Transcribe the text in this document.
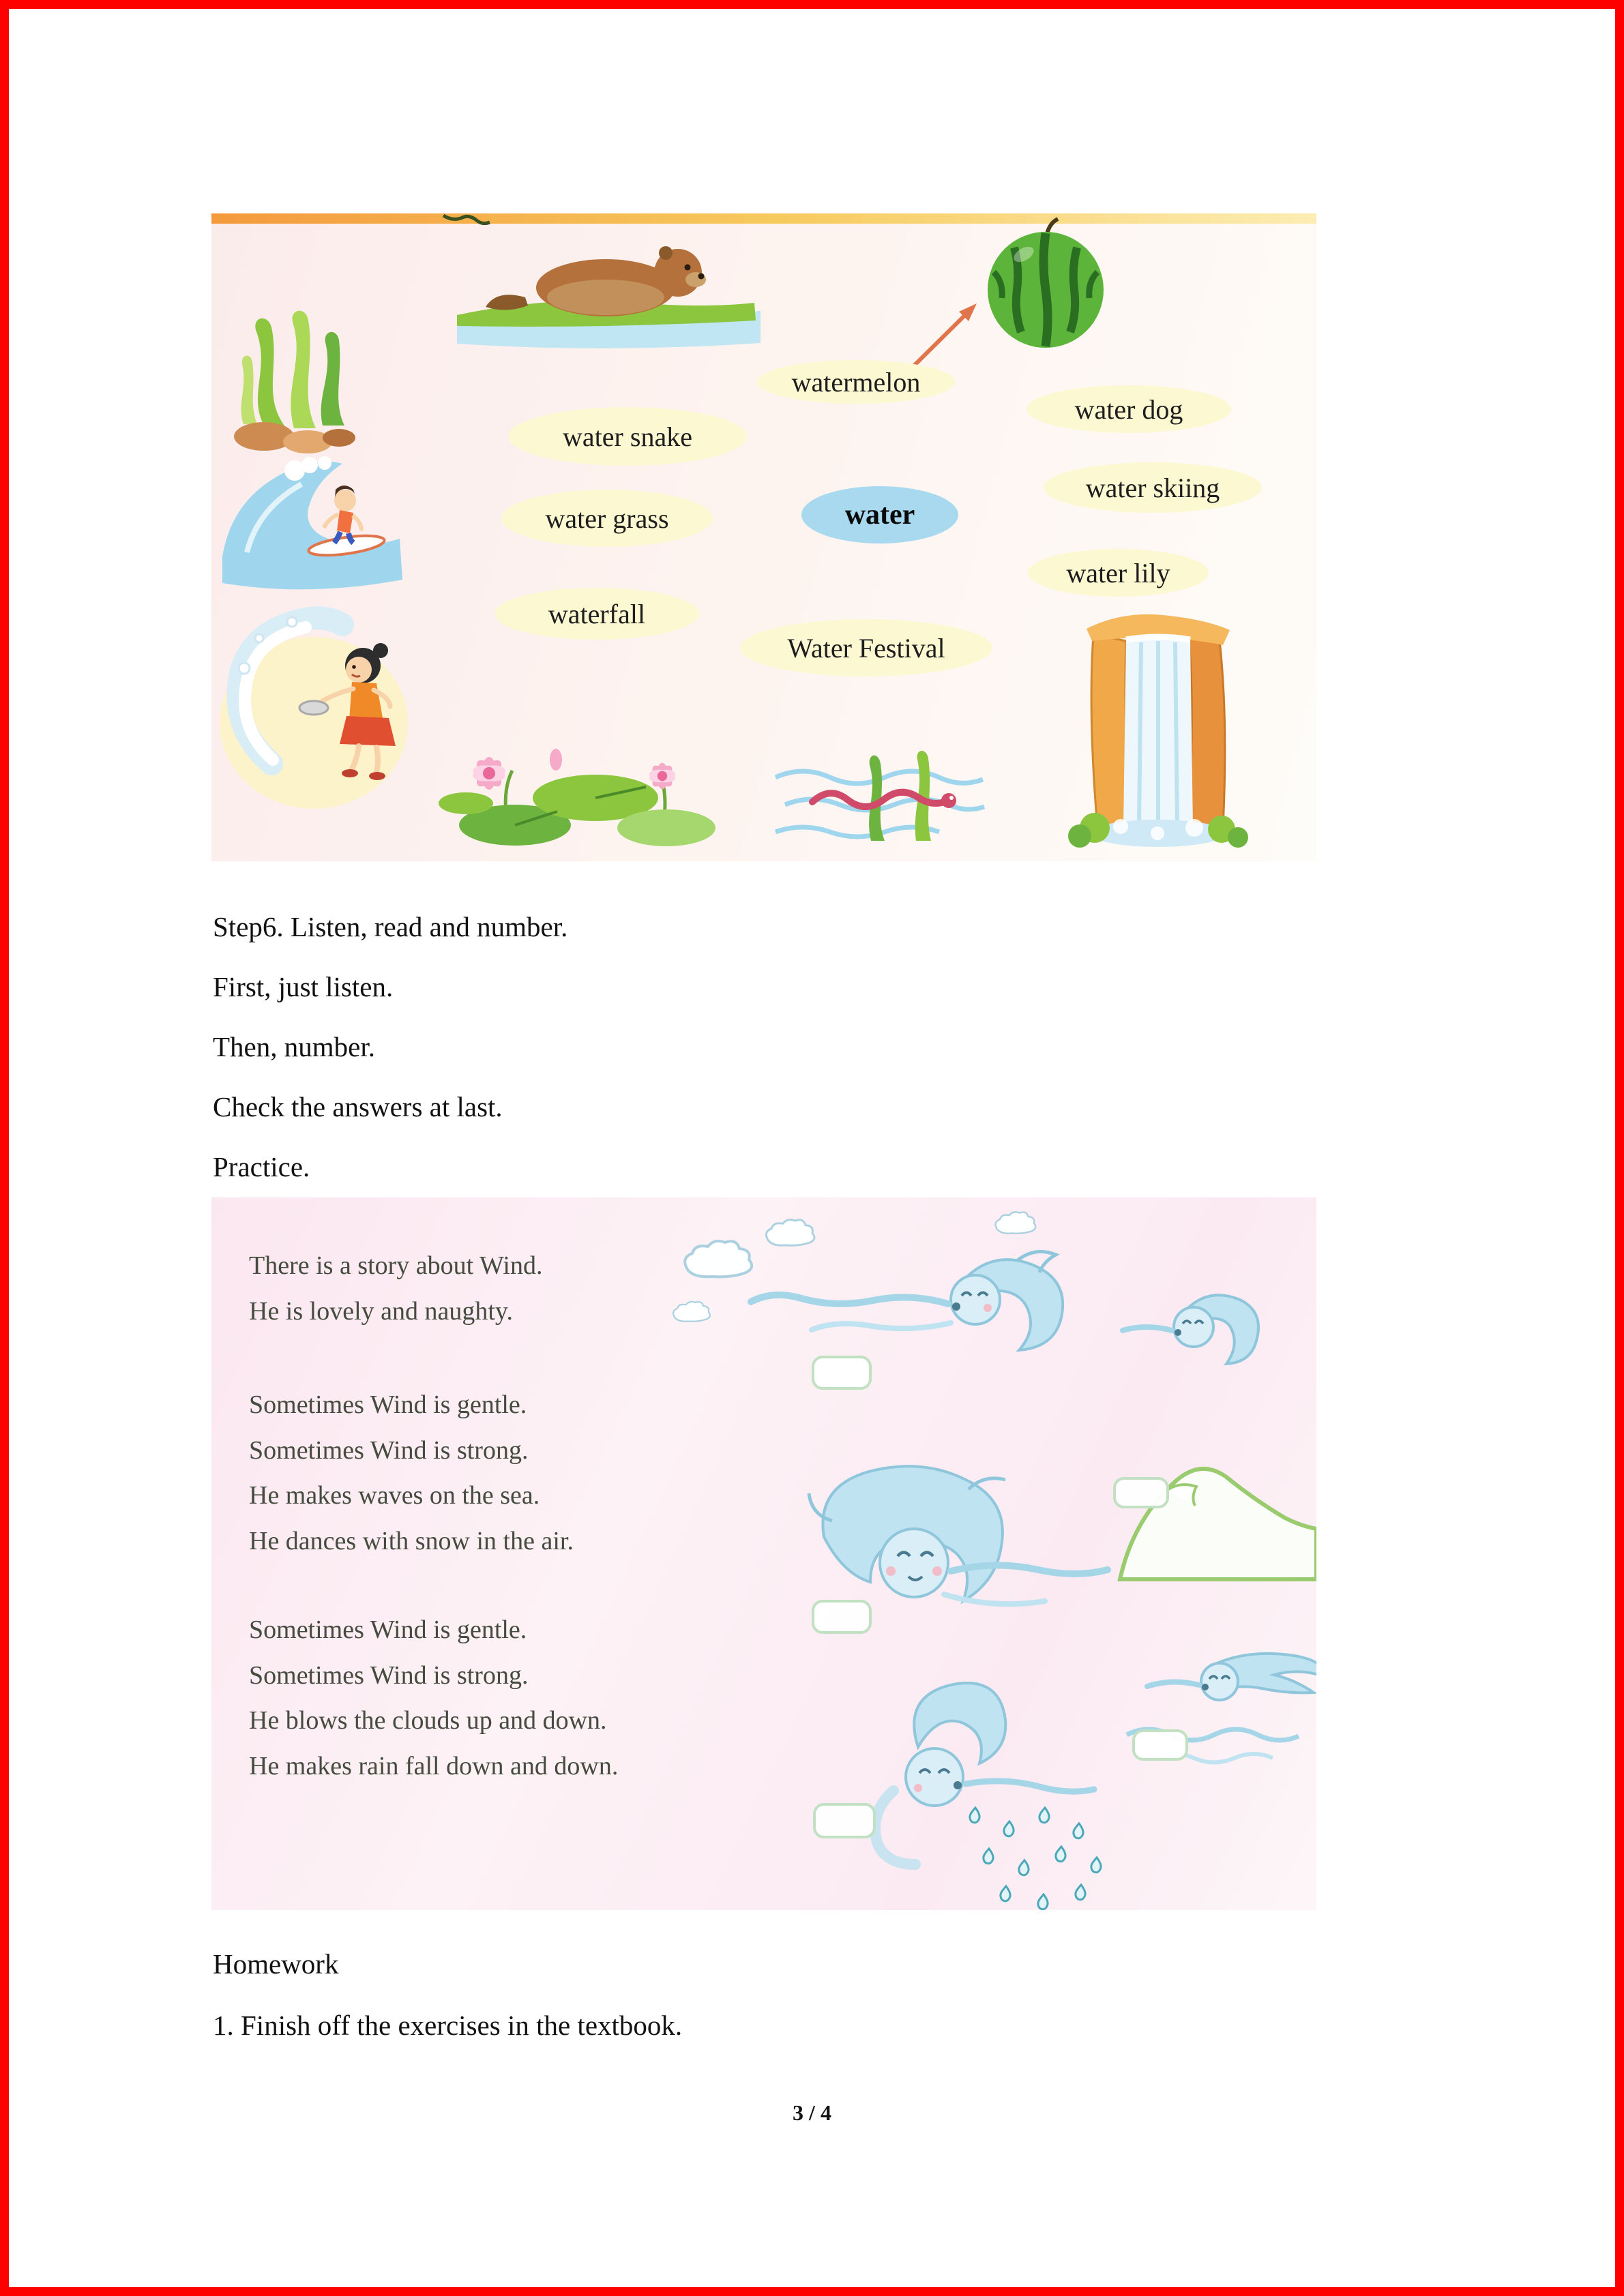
watermelon
water dog
water snake
water skiing
water grass	water
water lily
waterfall
Water Festival
Step6. Listen, read and number.
First, just listen.
Then, number.
Check the answers at last.
Practice.
There is a story about Wind.
He is lovely and naughty.
Sometimes Wind is gentle.
Sometimes Wind is strong.
He makes waves on the sea.
He dances with snow in the air.
Sometimes Wind is gentle.
Sometimes Wind is strong.
He blows the clouds up and down.
He makes rain fall down and down.
Homework
1. Finish off the exercises in the textbook.
3 / 4
